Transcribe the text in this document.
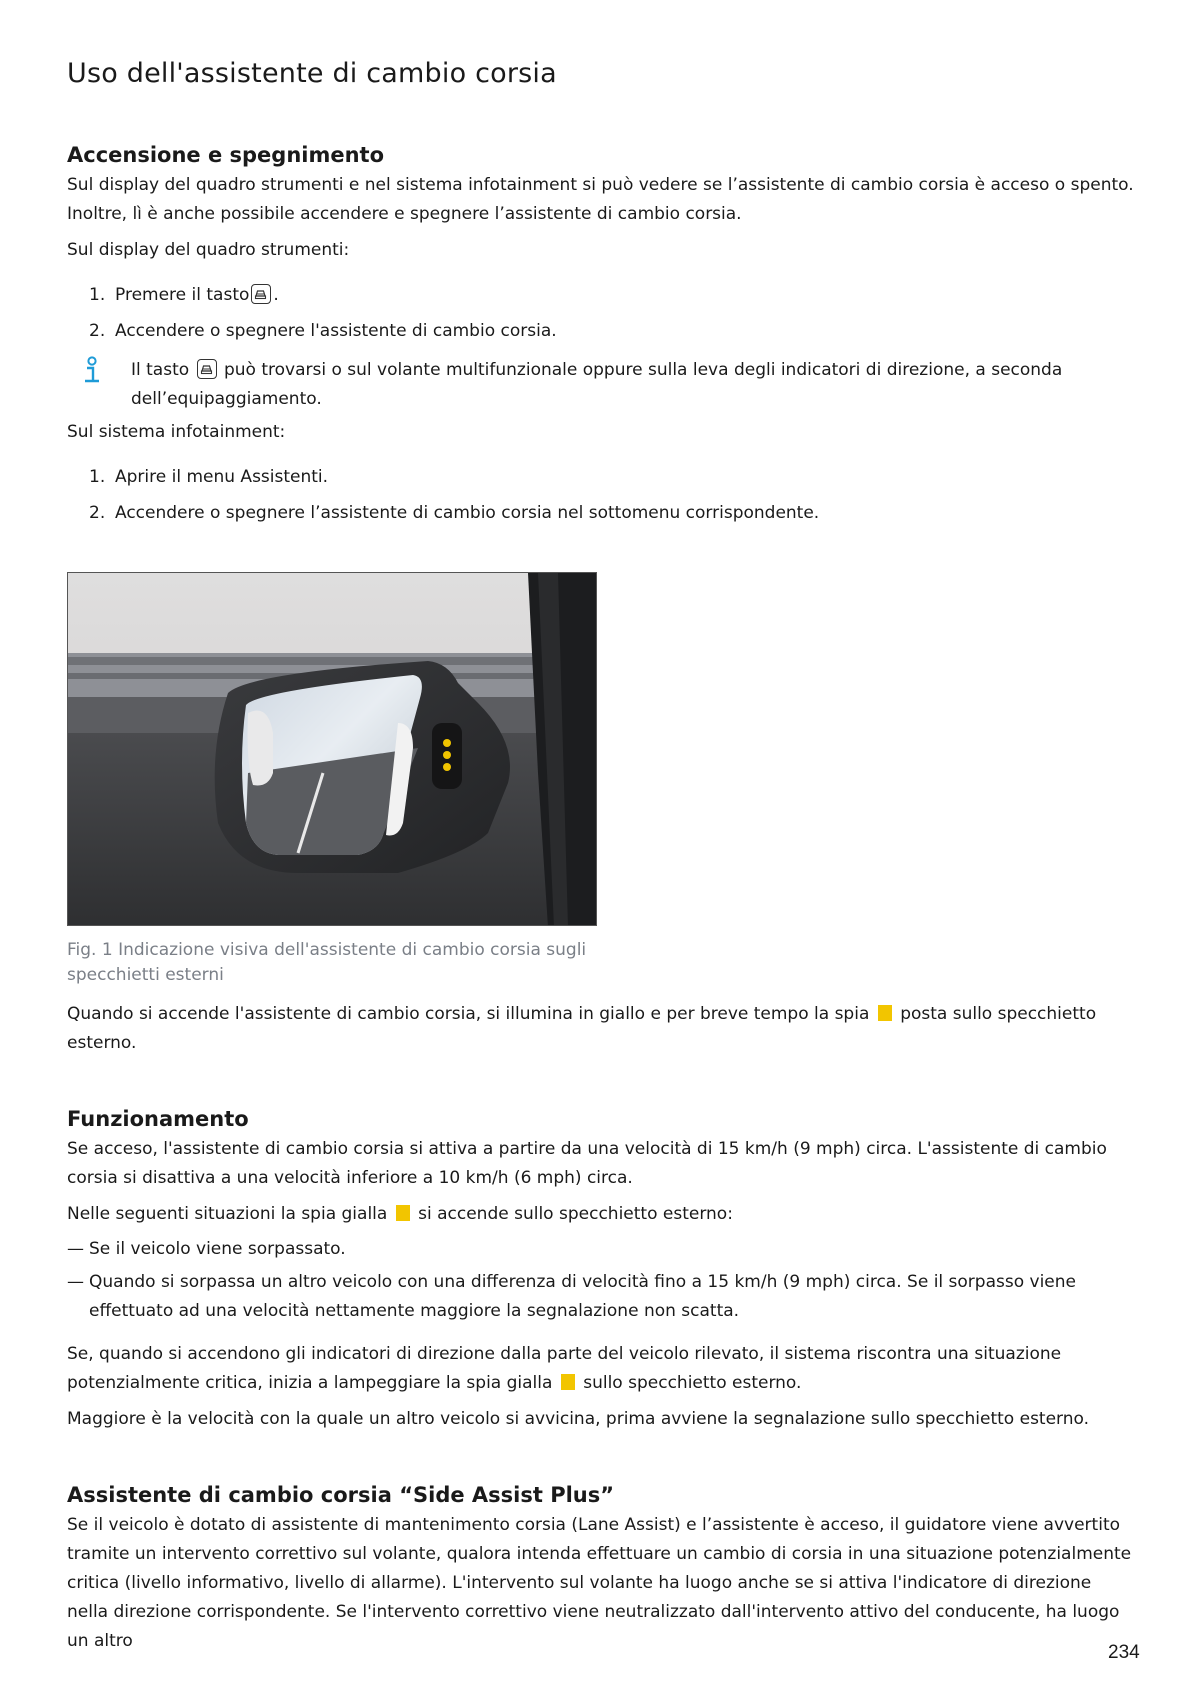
Uso dell'assistente di cambio corsia
Accensione e spegnimento

Sul display del quadro strumenti e nel sistema infotainment si può vedere se l’assistente di cambio corsia è acceso o spento. Inoltre, lì è anche possibile accendere e spegnere l’assistente di cambio corsia.

Sul display del quadro strumenti:

1. Premere il tasto .
2. Accendere o spegnere l'assistente di cambio corsia.

Il tasto può trovarsi o sul volante multifunzionale oppure sulla leva degli indicatori di direzione, a seconda dell’equipaggiamento.

Sul sistema infotainment:

1. Aprire il menu Assistenti.
2. Accendere o spegnere l’assistente di cambio corsia nel sottomenu corrispondente.
Fig. 1 Indicazione visiva dell'assistente di cambio corsia sugli specchietti esterni

Quando si accende l'assistente di cambio corsia, si illumina in giallo e per breve tempo la spia posta sullo specchietto esterno.

Funzionamento

Se acceso, l'assistente di cambio corsia si attiva a partire da una velocità di 15 km/h (9 mph) circa. L'assistente di cambio corsia si disattiva a una velocità inferiore a 10 km/h (6 mph) circa.

Nelle seguenti situazioni la spia gialla si accende sullo specchietto esterno:

— Se il veicolo viene sorpassato.
— Quando si sorpassa un altro veicolo con una differenza di velocità fino a 15 km/h (9 mph) circa. Se il sorpasso viene effettuato ad una velocità nettamente maggiore la segnalazione non scatta.

Se, quando si accendono gli indicatori di direzione dalla parte del veicolo rilevato, il sistema riscontra una situazione potenzialmente critica, inizia a lampeggiare la spia gialla sullo specchietto esterno.

Maggiore è la velocità con la quale un altro veicolo si avvicina, prima avviene la segnalazione sullo specchietto esterno.

Assistente di cambio corsia “Side Assist Plus”

Se il veicolo è dotato di assistente di mantenimento corsia (Lane Assist) e l’assistente è acceso, il guidatore viene avvertito tramite un intervento correttivo sul volante, qualora intenda effettuare un cambio di corsia in una situazione potenzialmente critica (livello informativo, livello di allarme). L'intervento sul volante ha luogo anche se si attiva l'indicatore di direzione nella direzione corrispondente. Se l'intervento correttivo viene neutralizzato dall'intervento attivo del conducente, ha luogo un altro

234
